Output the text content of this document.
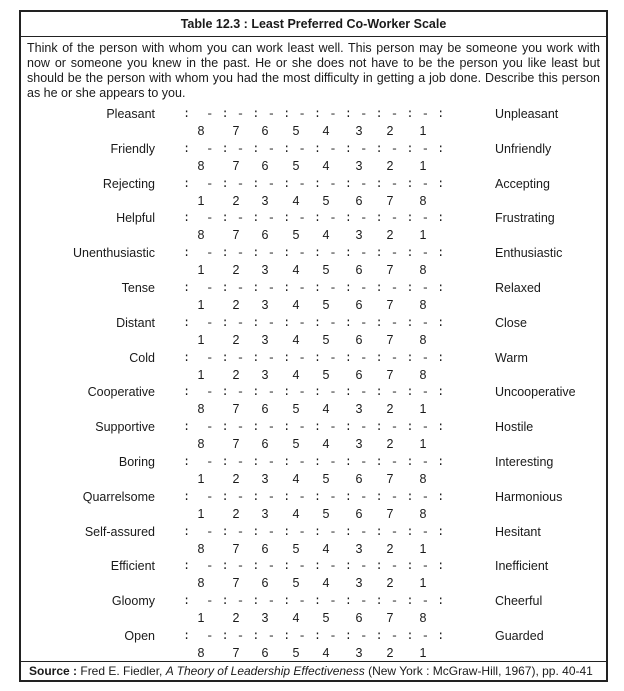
Table 12.3 : Least Preferred Co-Worker Scale
Think of the person with whom you can work least well. This person may be someone you work with now or someone you knew in the past. He or she does not have to be the person you like least but should be the person with whom you had the most difficulty in getting a job done. Describe this person as he or she appears to you.
Pleasant :  - : - : - : - : - : - : - : - :	Unpleasant
8	7	6	5	4	3	2	1
Friendly :  - : - : - : - : - : - : - : - :	Unfriendly
8	7	6	5	4	3	2	1
Rejecting :  - : - : - : - : - : - : - : - :	Accepting
1	2	3	4	5	6	7	8
Helpful :  - : - : - : - : - : - : - : - :	Frustrating
8	7	6	5	4	3	2	1
Unenthusiastic :  - : - : - : - : - : - : - : - :	Enthusiastic
1	2	3	4	5	6	7	8
Tense :  - : - : - : - : - : - : - : - :	Relaxed
1	2	3	4	5	6	7	8
Distant :  - : - : - : - : - : - : - : - :	Close
1	2	3	4	5	6	7	8
Cold :  - : - : - : - : - : - : - : - :	Warm
1	2	3	4	5	6	7	8
Cooperative :  - : - : - : - : - : - : - : - :	Uncooperative
8	7	6	5	4	3	2	1
Supportive :  - : - : - : - : - : - : - : - :	Hostile
8	7	6	5	4	3	2	1
Boring :  - : - : - : - : - : - : - : - :	Interesting
1	2	3	4	5	6	7	8
Quarrelsome :  - : - : - : - : - : - : - : - :	Harmonious
1	2	3	4	5	6	7	8
Self-assured :  - : - : - : - : - : - : - : - :	Hesitant
8	7	6	5	4	3	2	1
Efficient :  - : - : - : - : - : - : - : - :	Inefficient
8	7	6	5	4	3	2	1
Gloomy :  - : - : - : - : - : - : - : - :	Cheerful
1	2	3	4	5	6	7	8
Open :  - : - : - : - : - : - : - : - :	Guarded
8	7	6	5	4	3	2	1
Source : Fred E. Fiedler, A Theory of Leadership Effectiveness (New York : McGraw-Hill, 1967), pp. 40-41
